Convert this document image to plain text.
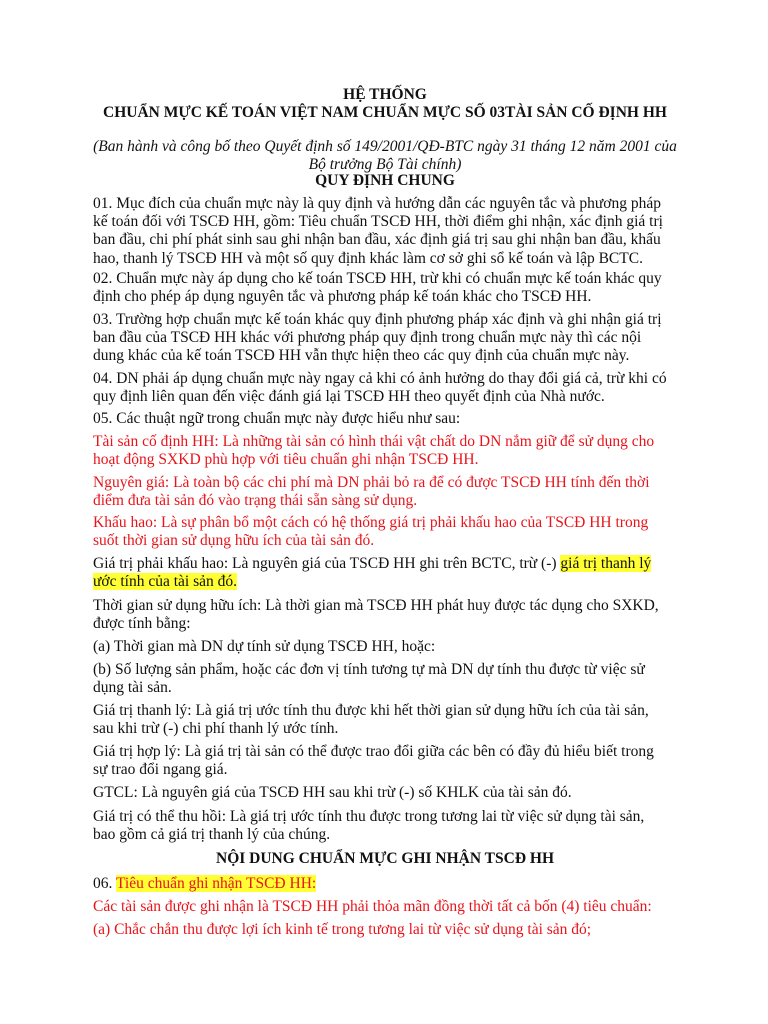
HỆ THỐNG

CHUẨN MỰC KẾ TOÁN VIỆT NAM CHUẨN MỰC SỐ 03TÀI SẢN CỐ ĐỊNH HH

(Ban hành và công bố theo Quyết định số 149/2001/QĐ-BTC ngày 31 tháng 12 năm 2001 của Bộ trưởng Bộ Tài chính)

QUY ĐỊNH CHUNG

01. Mục đích của chuẩn mực này là quy định và hướng dẫn các nguyên tắc và phương pháp kế toán đối với TSCĐ HH, gồm: Tiêu chuẩn TSCĐ HH, thời điểm ghi nhận, xác định giá trị ban đầu, chi phí phát sinh sau ghi nhận ban đầu, xác định giá trị sau ghi nhận ban đầu, khấu hao, thanh lý TSCĐ HH và một số quy định khác làm cơ sở ghi sổ kế toán và lập BCTC.

02. Chuẩn mực này áp dụng cho kế toán TSCĐ HH, trừ khi có chuẩn mực kế toán khác quy định cho phép áp dụng nguyên tắc và phương pháp kế toán khác cho TSCĐ HH.

03. Trường hợp chuẩn mực kế toán khác quy định phương pháp xác định và ghi nhận giá trị ban đầu của TSCĐ HH khác với phương pháp quy định trong chuẩn mực này thì các nội dung khác của kế toán TSCĐ HH vẫn thực hiện theo các quy định của chuẩn mực này.

04. DN phải áp dụng chuẩn mực này ngay cả khi có ảnh hưởng do thay đổi giá cả, trừ khi có quy định liên quan đến việc đánh giá lại TSCĐ HH theo quyết định của Nhà nước.

05. Các thuật ngữ trong chuẩn mực này được hiểu như sau:

Tài sản cố định HH: Là những tài sản có hình thái vật chất do DN nắm giữ để sử dụng cho hoạt động SXKD phù hợp với tiêu chuẩn ghi nhận TSCĐ HH.

Nguyên giá: Là toàn bộ các chi phí mà DN phải bỏ ra để có được TSCĐ HH tính đến thời điểm đưa tài sản đó vào trạng thái sẵn sàng sử dụng.

Khấu hao: Là sự phân bổ một cách có hệ thống giá trị phải khấu hao của TSCĐ HH trong suốt thời gian sử dụng hữu ích của tài sản đó.

Giá trị phải khấu hao: Là nguyên giá của TSCĐ HH ghi trên BCTC, trừ (-) giá trị thanh lý ước tính của tài sản đó.

Thời gian sử dụng hữu ích: Là thời gian mà TSCĐ HH phát huy được tác dụng cho SXKD, được tính bằng:

(a) Thời gian mà DN dự tính sử dụng TSCĐ HH, hoặc:

(b) Số lượng sản phẩm, hoặc các đơn vị tính tương tự mà DN dự tính thu được từ việc sử dụng tài sản.

Giá trị thanh lý: Là giá trị ước tính thu được khi hết thời gian sử dụng hữu ích của tài sản, sau khi trừ (-) chi phí thanh lý ước tính.

Giá trị hợp lý: Là giá trị tài sản có thể được trao đổi giữa các bên có đầy đủ hiểu biết trong sự trao đổi ngang giá.

GTCL: Là nguyên giá của TSCĐ HH sau khi trừ (-) số KHLK của tài sản đó.

Giá trị có thể thu hồi: Là giá trị ước tính thu được trong tương lai từ việc sử dụng tài sản, bao gồm cả giá trị thanh lý của chúng.

NỘI DUNG CHUẨN MỰC GHI NHẬN TSCĐ HH

06. Tiêu chuẩn ghi nhận TSCĐ HH:

Các tài sản được ghi nhận là TSCĐ HH phải thỏa mãn đồng thời tất cả bốn (4) tiêu chuẩn:

(a) Chắc chắn thu được lợi ích kinh tế trong tương lai từ việc sử dụng tài sản đó;
